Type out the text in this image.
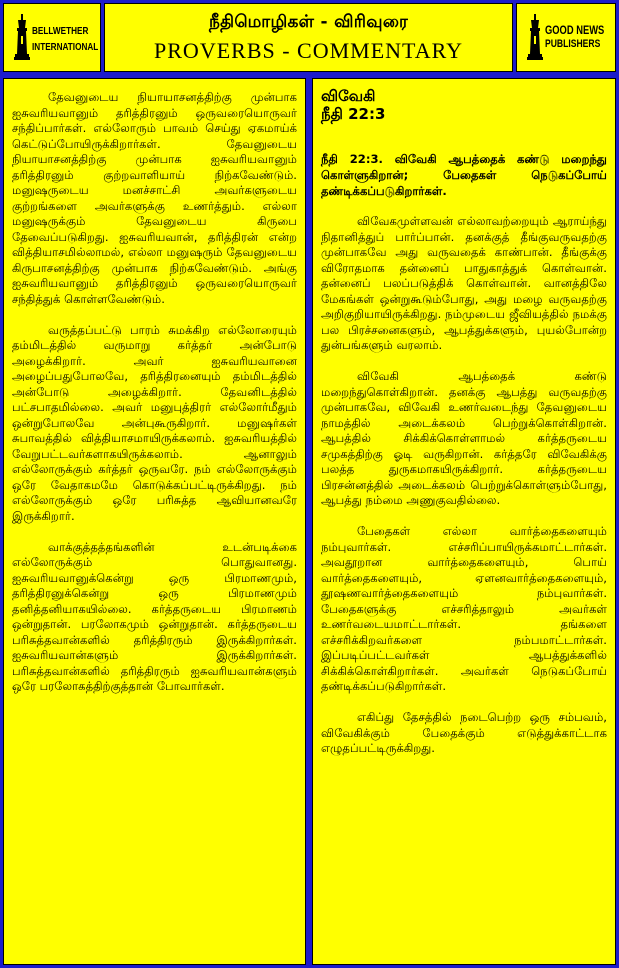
BELLWETHER
INTERNATIONAL
நீதிமொழிகள் - விரிவுரை
PROVERBS - COMMENTARY
GOOD NEWS
PUBLISHERS

தேவனுடைய நியாயாசனத்திற்கு முன்பாக ஐசுவரியவானும் தரித்திரனும் ஒருவரையொருவர் சந்திப்பார்கள். எல்லோரும் பாவம் செய்து ஏகமாய்க் கெட்டுப்போயிருக்கிறார்கள். தேவனுடைய நியாயாசனத்திற்கு முன்பாக ஐசுவரியவானும் தரித்திரனும் குற்றவாளியாய் நிற்கவேண்டும். மனுஷருடைய மனச்சாட்சி அவர்களுடைய குற்றங்களை அவர்களுக்கு உணர்த்தும். எல்லா மனுஷருக்கும் தேவனுடைய கிருபை தேவைப்படுகிறது. ஐசுவரியவான், தரித்திரன் என்ற வித்தியாசமில்லாமல், எல்லா மனுஷரும் தேவனுடைய கிருபாசனத்திற்கு முன்பாக நிற்கவேண்டும். அங்கு ஐசுவரியவானும் தரித்திரனும் ஒருவரையொருவர் சந்தித்துக் கொள்ளவேண்டும்.

வருத்தப்பட்டு பாரம் சுமக்கிற எல்லோரையும் தம்மிடத்தில் வருமாறு கர்த்தர் அன்போடு அழைக்கிறார். அவர் ஐசுவரியவானை அழைப்பதுபோலவே, தரித்திரனையும் தம்மிடத்தில் அன்போடு அழைக்கிறார். தேவனிடத்தில் பட்சபாதமில்லை. அவர் மனுபுத்திரர் எல்லோர்மீதும் ஒன்றுபோலவே அன்புகூருகிறார். மனுஷர்கள் சுபாவத்தில் வித்தியாசமாயிருக்கலாம். ஐசுவரியத்தில் வேறுபட்டவர்களாகயிருக்கலாம். ஆனாலும் எல்லோருக்கும் கர்த்தர் ஒருவரே. நம் எல்லோருக்கும் ஒரே வேதாகமமே கொடுக்கப்பட்டிருக்கிறது. நம் எல்லோருக்கும் ஒரே பரிசுத்த ஆவியானவரே இருக்கிறார்.

வாக்குத்தத்தங்களின் உடன்படிக்கை எல்லோருக்கும் பொதுவானது. ஐசுவரியவானுக்கென்று ஒரு பிரமாணமும், தரித்திரனுக்கென்று ஒரு பிரமாணமும் தனித்தனியாகயில்லை. கர்த்தருடைய பிரமாணம் ஒன்றுதான். பரலோகமும் ஒன்றுதான். கர்த்தருடைய பரிசுத்தவான்களில் தரித்திரரும் இருக்கிறார்கள். ஐசுவரியவான்களும் இருக்கிறார்கள். பரிசுத்தவான்களில் தரித்திரரும் ஐசுவரியவான்களும் ஒரே பரலோகத்திற்குத்தான் போவார்கள்.

விவேகி

நீதி 22:3

நீதி 22:3. விவேகி ஆபத்தைக் கண்டு மறைந்து கொள்ளுகிறான்; பேதைகள் நெடுகப்போய் தண்டிக்கப்படுகிறார்கள்.

விவேகமுள்ளவன் எல்லாவற்றையும் ஆராய்ந்து நிதானித்துப் பார்ப்பான். தனக்குத் தீங்குவருவதற்கு முன்பாகவே அது வருவதைக் காண்பான். தீங்குக்கு விரோதமாக தன்னைப் பாதுகாத்துக் கொள்வான். தன்னைப் பலப்படுத்திக் கொள்வான். வானத்திலே மேகங்கள் ஒன்றுகூடும்போது, அது மழை வருவதற்கு அறிகுறியாயிருக்கிறது. நம்முடைய ஜீவியத்தில் நமக்கு பல பிரச்சனைகளும், ஆபத்துக்களும், புயல்போன்ற துன்பங்களும் வரலாம்.

விவேகி ஆபத்தைக் கண்டு மறைந்துகொள்கிறான். தனக்கு ஆபத்து வருவதற்கு முன்பாகவே, விவேகி உணர்வடைந்து தேவனுடைய நாமத்தில் அடைக்கலம் பெற்றுக்கொள்கிறான். ஆபத்தில் சிக்கிக்கொள்ளாமல் கர்த்தருடைய சமுகத்திற்கு ஓடி வருகிறான். கர்த்தரே விவேகிக்கு பலத்த துருகமாகயிருக்கிறார். கர்த்தருடைய பிரசன்னத்தில் அடைக்கலம் பெற்றுக்கொள்ளும்போது, ஆபத்து நம்மை அணுகுவதில்லை.

பேதைகள் எல்லா வார்த்தைகளையும் நம்புவார்கள். எச்சரிப்பாயிருக்கமாட்டார்கள். அவதூறான வார்த்தைகளையும், பொய் வார்த்தைகளையும், ஏளனவார்த்தைகளையும், தூஷணவார்த்தைகளையும் நம்புவார்கள். பேதைகளுக்கு எச்சரித்தாலும் அவர்கள் உணர்வடையமாட்டார்கள். தங்களை எச்சரிக்கிறவர்களை நம்பமாட்டார்கள். இப்படிப்பட்டவர்கள் ஆபத்துக்களில் சிக்கிக்கொள்கிறார்கள். அவர்கள் நெடுகப்போய் தண்டிக்கப்படுகிறார்கள்.

எகிப்து தேசத்தில் நடைபெற்ற ஒரு சம்பவம், விவேகிக்கும் பேதைக்கும் எடுத்துக்காட்டாக எழுதப்பட்டிருக்கிறது.
